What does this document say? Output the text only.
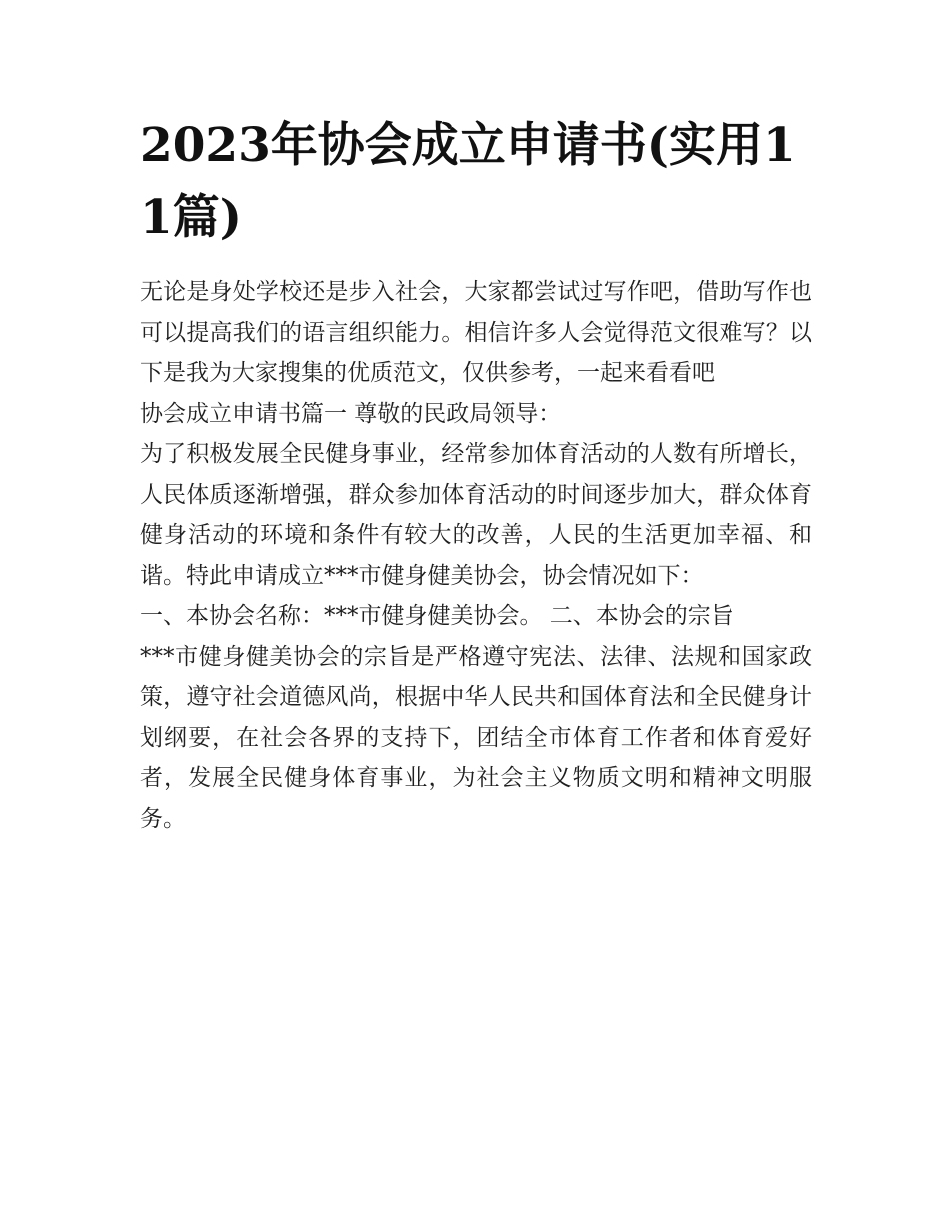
2023年协会成立申请书(实用11篇)

无论是身处学校还是步入社会，大家都尝试过写作吧，借助写作也可以提高我们的语言组织能力。相信许多人会觉得范文很难写？以下是我为大家搜集的优质范文，仅供参考，一起来看看吧

协会成立申请书篇一 尊敬的民政局领导：

为了积极发展全民健身事业，经常参加体育活动的人数有所增长，人民体质逐渐增强，群众参加体育活动的时间逐步加大，群众体育健身活动的环境和条件有较大的改善，人民的生活更加幸福、和谐。特此申请成立***市健身健美协会，协会情况如下：

一、本协会名称：***市健身健美协会。 二、本协会的宗旨

***市健身健美协会的宗旨是严格遵守宪法、法律、法规和国家政策，遵守社会道德风尚，根据中华人民共和国体育法和全民健身计划纲要，在社会各界的支持下，团结全市体育工作者和体育爱好者，发展全民健身体育事业，为社会主义物质文明和精神文明服务。
